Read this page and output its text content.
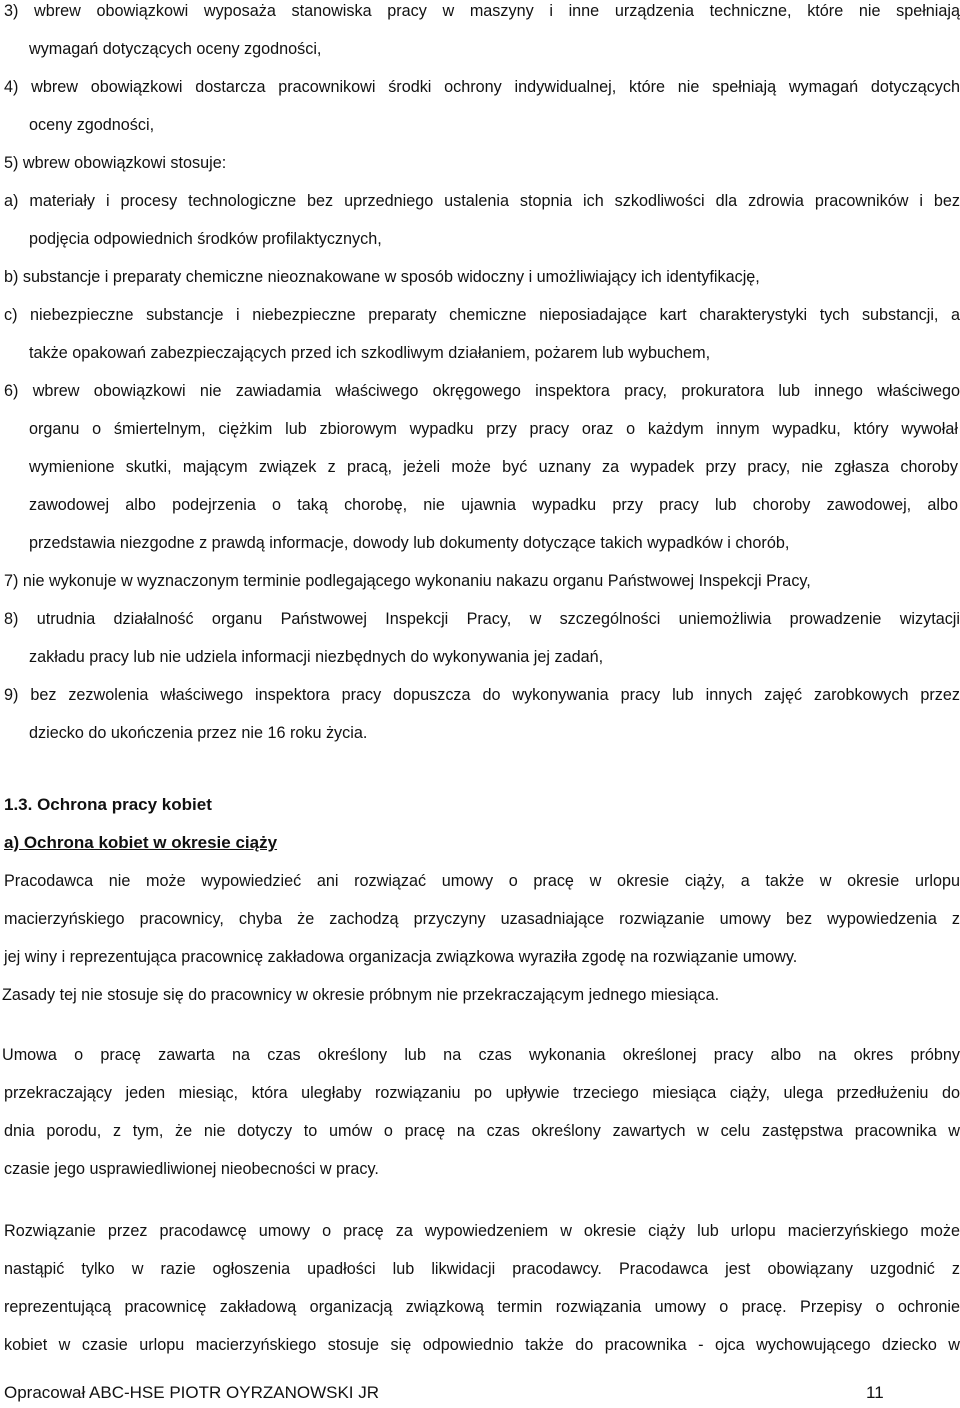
3) wbrew obowiązkowi wyposaża stanowiska pracy w maszyny i inne urządzenia techniczne, które nie spełniają

wymagań dotyczących oceny zgodności,

4) wbrew obowiązkowi dostarcza pracownikowi środki ochrony indywidualnej, które nie spełniają wymagań dotyczących

oceny zgodności,

5) wbrew obowiązkowi stosuje:

a) materiały i procesy technologiczne bez uprzedniego ustalenia stopnia ich szkodliwości dla zdrowia pracowników i bez

podjęcia odpowiednich środków profilaktycznych,

b) substancje i preparaty chemiczne nieoznakowane w sposób widoczny i umożliwiający ich identyfikację,

c) niebezpieczne substancje i niebezpieczne preparaty chemiczne nieposiadające kart charakterystyki tych substancji, a

także opakowań zabezpieczających przed ich szkodliwym działaniem, pożarem lub wybuchem,

6) wbrew obowiązkowi nie zawiadamia właściwego okręgowego inspektora pracy, prokuratora lub innego właściwego

organu o śmiertelnym, ciężkim lub zbiorowym wypadku przy pracy oraz o każdym innym wypadku, który wywołał

wymienione skutki, mającym związek z pracą, jeżeli może być uznany za wypadek przy pracy, nie zgłasza choroby

zawodowej albo podejrzenia o taką chorobę, nie ujawnia wypadku przy pracy lub choroby zawodowej, albo

przedstawia niezgodne z prawdą informacje, dowody lub dokumenty dotyczące takich wypadków i chorób,

7) nie wykonuje w wyznaczonym terminie podlegającego wykonaniu nakazu organu Państwowej Inspekcji Pracy,

8) utrudnia działalność organu Państwowej Inspekcji Pracy, w szczególności uniemożliwia prowadzenie wizytacji

zakładu pracy lub nie udziela informacji niezbędnych do wykonywania jej zadań,

9) bez zezwolenia właściwego inspektora pracy dopuszcza do wykonywania pracy lub innych zajęć zarobkowych przez

dziecko do ukończenia przez nie 16 roku życia.

1.3. Ochrona pracy kobiet

a) Ochrona kobiet w okresie ciąży

Pracodawca nie może wypowiedzieć ani rozwiązać umowy o pracę w okresie ciąży, a także w okresie urlopu

macierzyńskiego pracownicy, chyba że zachodzą przyczyny uzasadniające rozwiązanie umowy bez wypowiedzenia z

jej winy i reprezentująca pracownicę zakładowa organizacja związkowa wyraziła zgodę na rozwiązanie umowy.

Zasady tej nie stosuje się do pracownicy w okresie próbnym nie przekraczającym jednego miesiąca.

Umowa o pracę zawarta na czas określony lub na czas wykonania określonej pracy albo na okres próbny

przekraczający jeden miesiąc, która uległaby rozwiązaniu po upływie trzeciego miesiąca ciąży, ulega przedłużeniu do

dnia porodu, z tym, że nie dotyczy to umów o pracę na czas określony zawartych w celu zastępstwa pracownika w

czasie jego usprawiedliwionej nieobecności w pracy.

Rozwiązanie przez pracodawcę umowy o pracę za wypowiedzeniem w okresie ciąży lub urlopu macierzyńskiego może

nastąpić tylko w razie ogłoszenia upadłości lub likwidacji pracodawcy. Pracodawca jest obowiązany uzgodnić z

reprezentującą pracownicę zakładową organizacją związkową termin rozwiązania umowy o pracę. Przepisy o ochronie

kobiet w czasie urlopu macierzyńskiego stosuje się odpowiednio także do pracownika - ojca wychowującego dziecko w

Opracował ABC-HSE PIOTR OYRZANOWSKI JR	11
